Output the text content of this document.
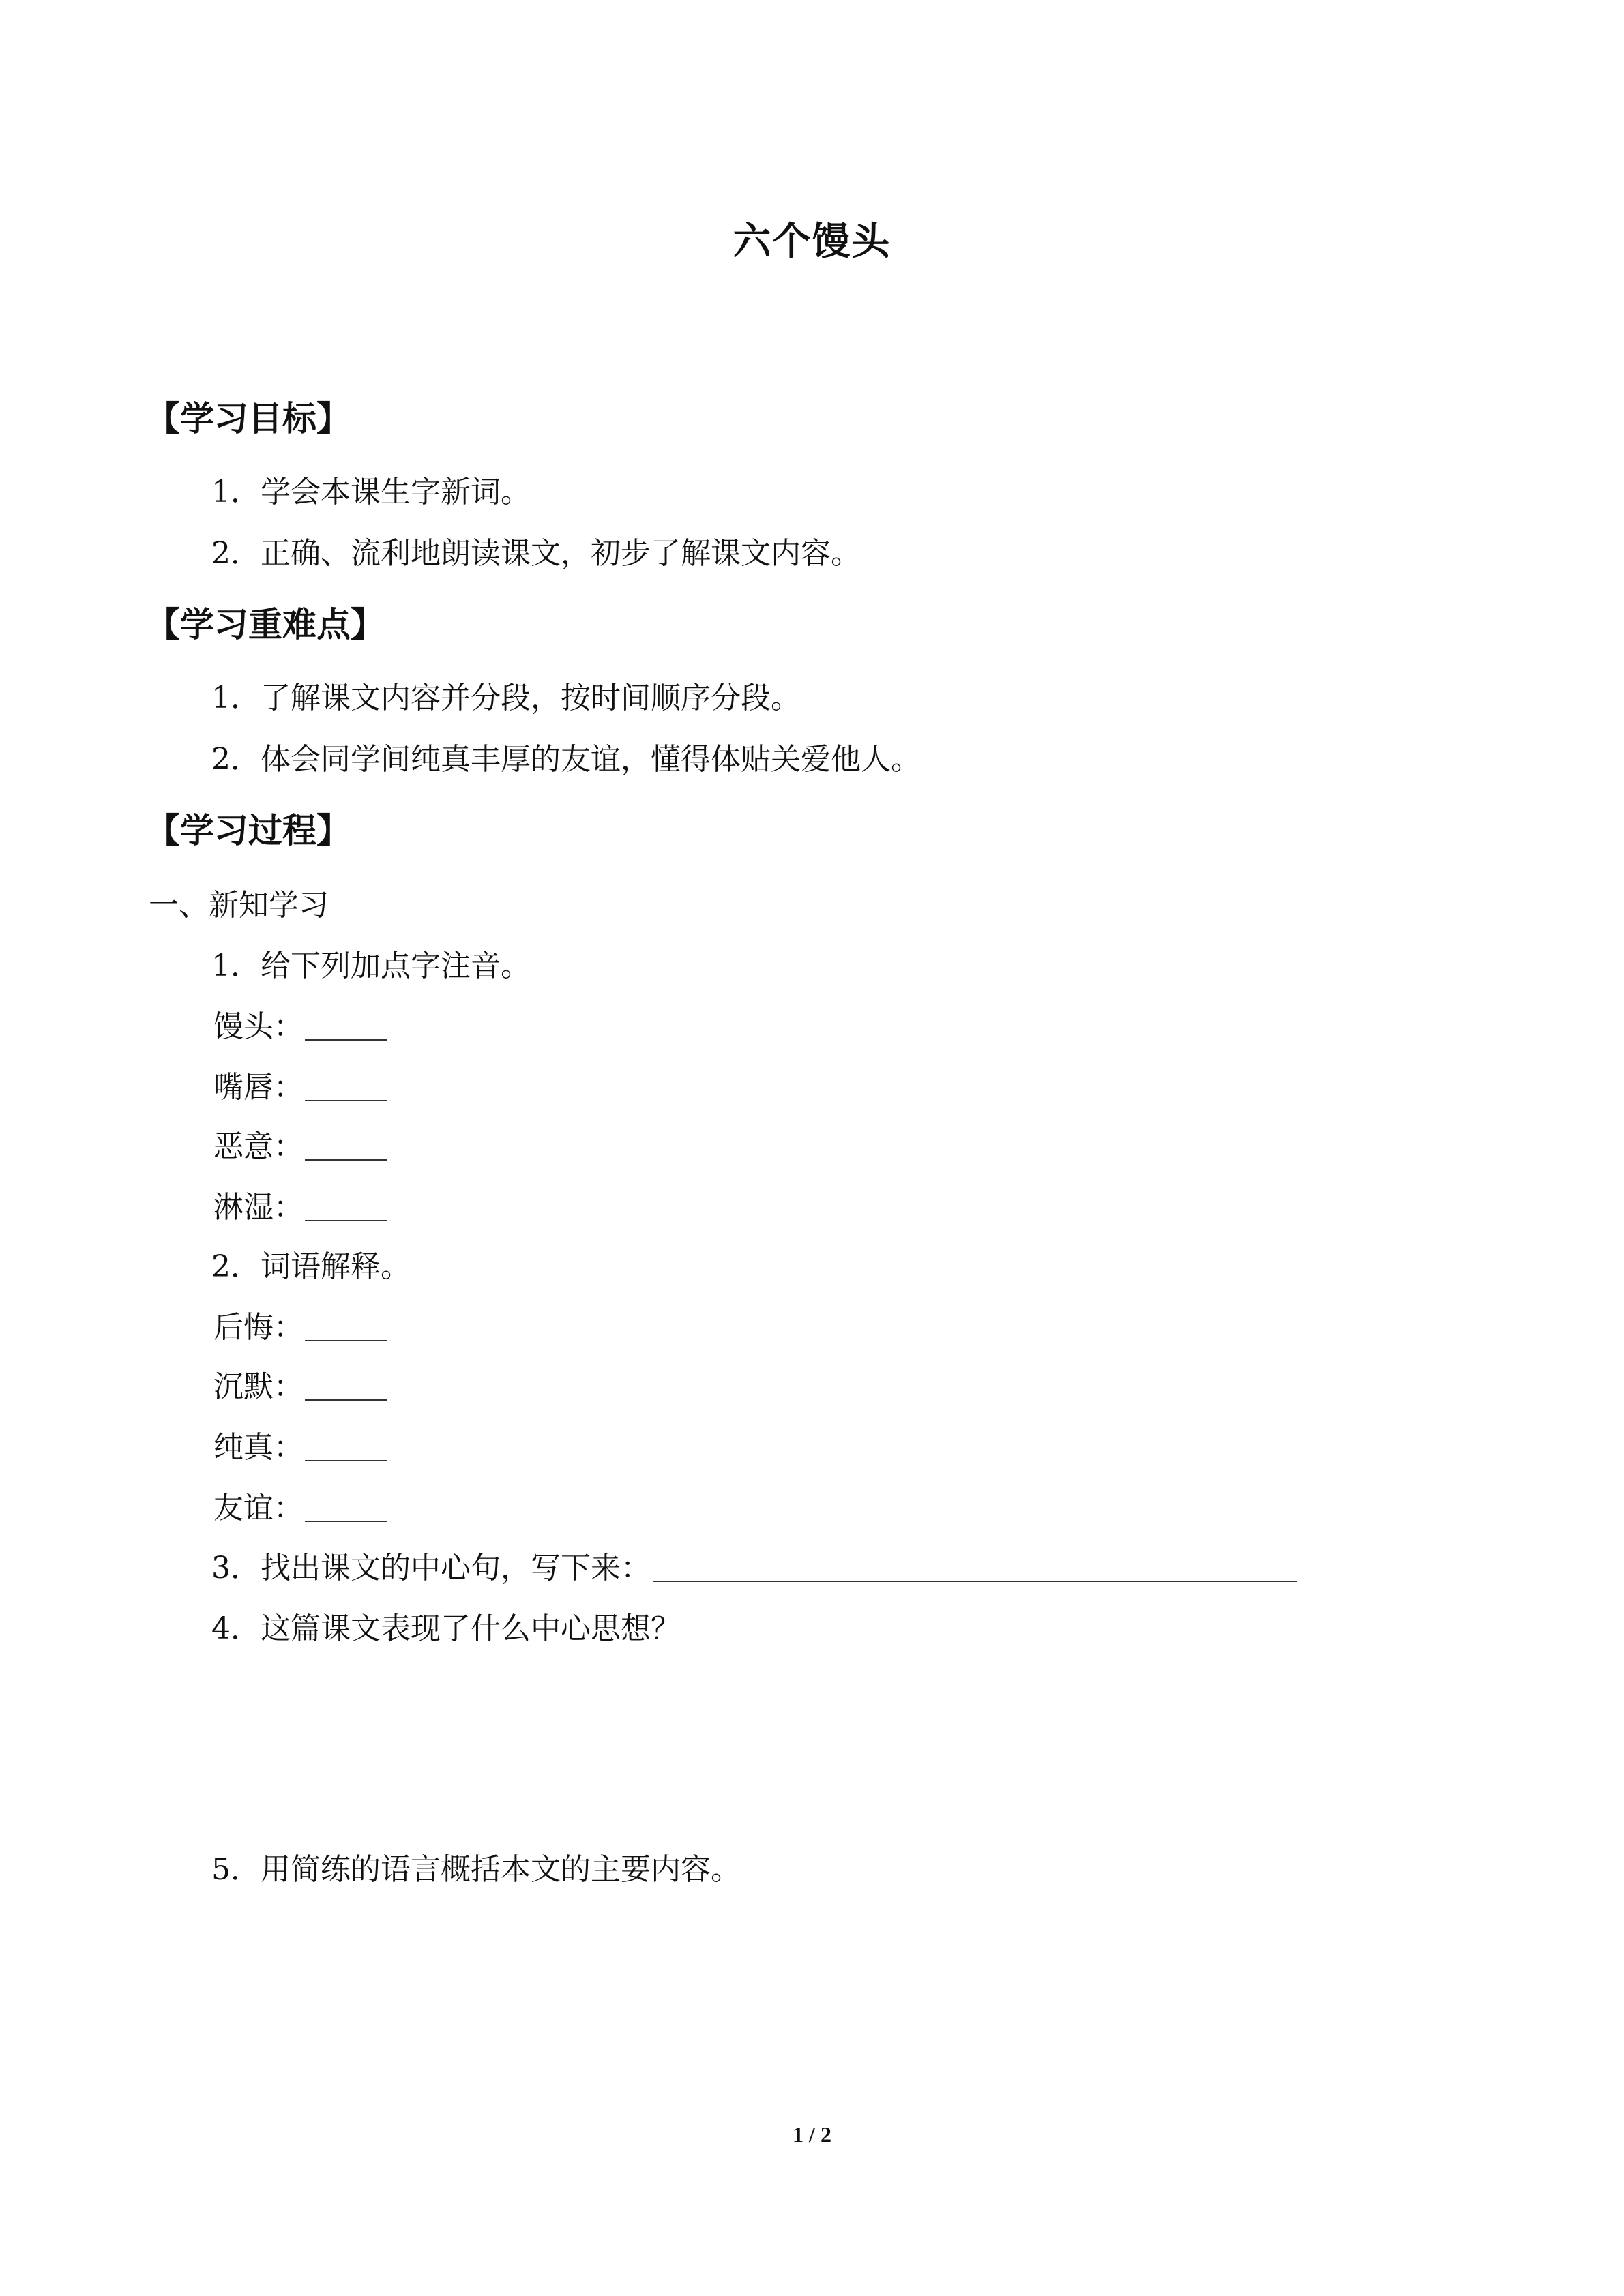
六个馒头
【学习目标】
1．学会本课生字新词。
2．正确、流利地朗读课文，初步了解课文内容。
【学习重难点】
1．了解课文内容并分段，按时间顺序分段。
2．体会同学间纯真丰厚的友谊，懂得体贴关爱他人。
【学习过程】
一、新知学习
1．给下列加点字注音。
馒头：
嘴唇：
恶意：
淋湿：
2．词语解释。
后悔：
沉默：
纯真：
友谊：
3．找出课文的中心句，写下来：
4．这篇课文表现了什么中心思想？
5．用简练的语言概括本文的主要内容。
1 / 2
